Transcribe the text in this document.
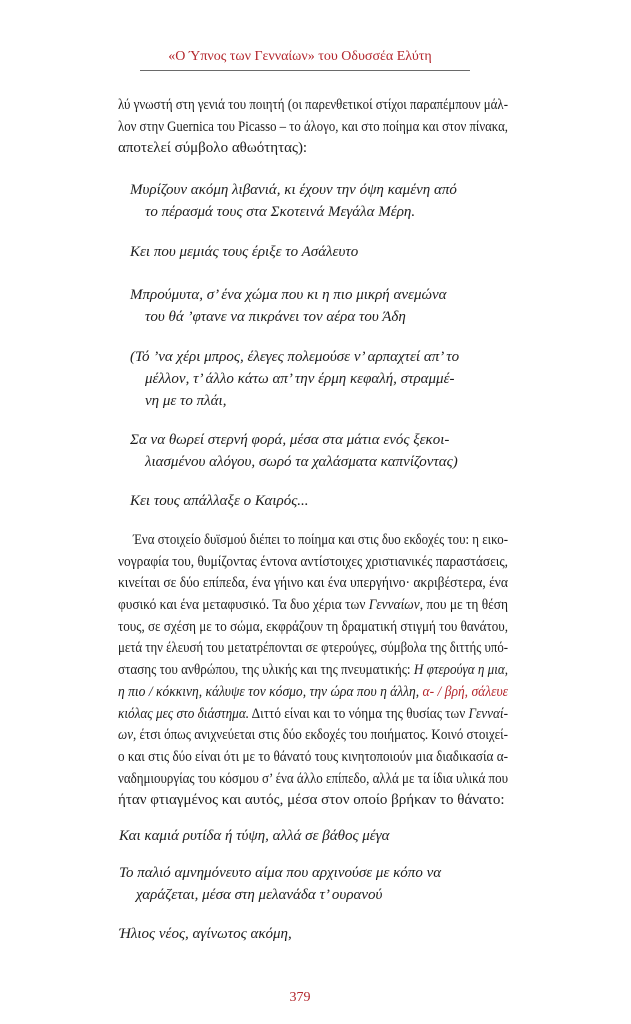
«Ο Ύπνος των Γενναίων» του Οδυσσέα Ελύτη
λύ γνωστή στη γενιά του ποιητή (οι παρενθετικοί στίχοι παραπέμπουν μάλ-
λον στην Guernica του Picasso – το άλογο, και στο ποίημα και στον πίνακα,
αποτελεί σύμβολο αθωότητας):
Μυρίζουν ακόμη λιβανιά, κι έχουν την όψη καμένη από
το πέρασμά τους στα Σκοτεινά Μεγάλα Μέρη.
Κει που μεμιάς τους έριξε το Ασάλευτο
Μπρούμυτα, σ’ ένα χώμα που κι η πιο μικρή ανεμώνα
του θά ’φτανε να πικράνει τον αέρα του Άδη
(Τό ’να χέρι μπρος, έλεγες πολεμούσε ν’ αρπαχτεί απ’ το
μέλλον, τ’ άλλο κάτω απ’ την έρμη κεφαλή, στραμμέ-
νη με το πλάι,
Σα να θωρεί στερνή φορά, μέσα στα μάτια ενός ξεκοι-
λιασμένου αλόγου, σωρό τα χαλάσματα καπνίζοντας)
Κει τους απάλλαξε ο Καιρός...
Ένα στοιχείο δυϊσμού διέπει το ποίημα και στις δυο εκδοχές του: η εικο-
νογραφία του, θυμίζοντας έντονα αντίστοιχες χριστιανικές παραστάσεις,
κινείται σε δύο επίπεδα, ένα γήινο και ένα υπεργήινο· ακριβέστερα, ένα
φυσικό και ένα μεταφυσικό. Τα δυο χέρια των Γενναίων, που με τη θέση
τους, σε σχέση με το σώμα, εκφράζουν τη δραματική στιγμή του θανάτου,
μετά την έλευσή του μετατρέπονται σε φτερούγες, σύμβολα της διττής υπό-
στασης του ανθρώπου, της υλικής και της πνευματικής: Η φτερούγα η μια,
η πιο / κόκκινη, κάλυψε τον κόσμο, την ώρα που η άλλη, α- / βρή, σάλευε
κιόλας μες στο διάστημα. Διττό είναι και το νόημα της θυσίας των Γενναί-
ων, έτσι όπως ανιχνεύεται στις δύο εκδοχές του ποιήματος. Κοινό στοιχεί-
ο και στις δύο είναι ότι με το θάνατό τους κινητοποιούν μια διαδικασία α-
ναδημιουργίας του κόσμου σ’ ένα άλλο επίπεδο, αλλά με τα ίδια υλικά που
ήταν φτιαγμένος και αυτός, μέσα στον οποίο βρήκαν το θάνατο:
Και καμιά ρυτίδα ή τύψη, αλλά σε βάθος μέγα
Το παλιό αμνημόνευτο αίμα που αρχινούσε με κόπο να
χαράζεται, μέσα στη μελανάδα τ’ ουρανού
Ήλιος νέος, αγίνωτος ακόμη,
379
